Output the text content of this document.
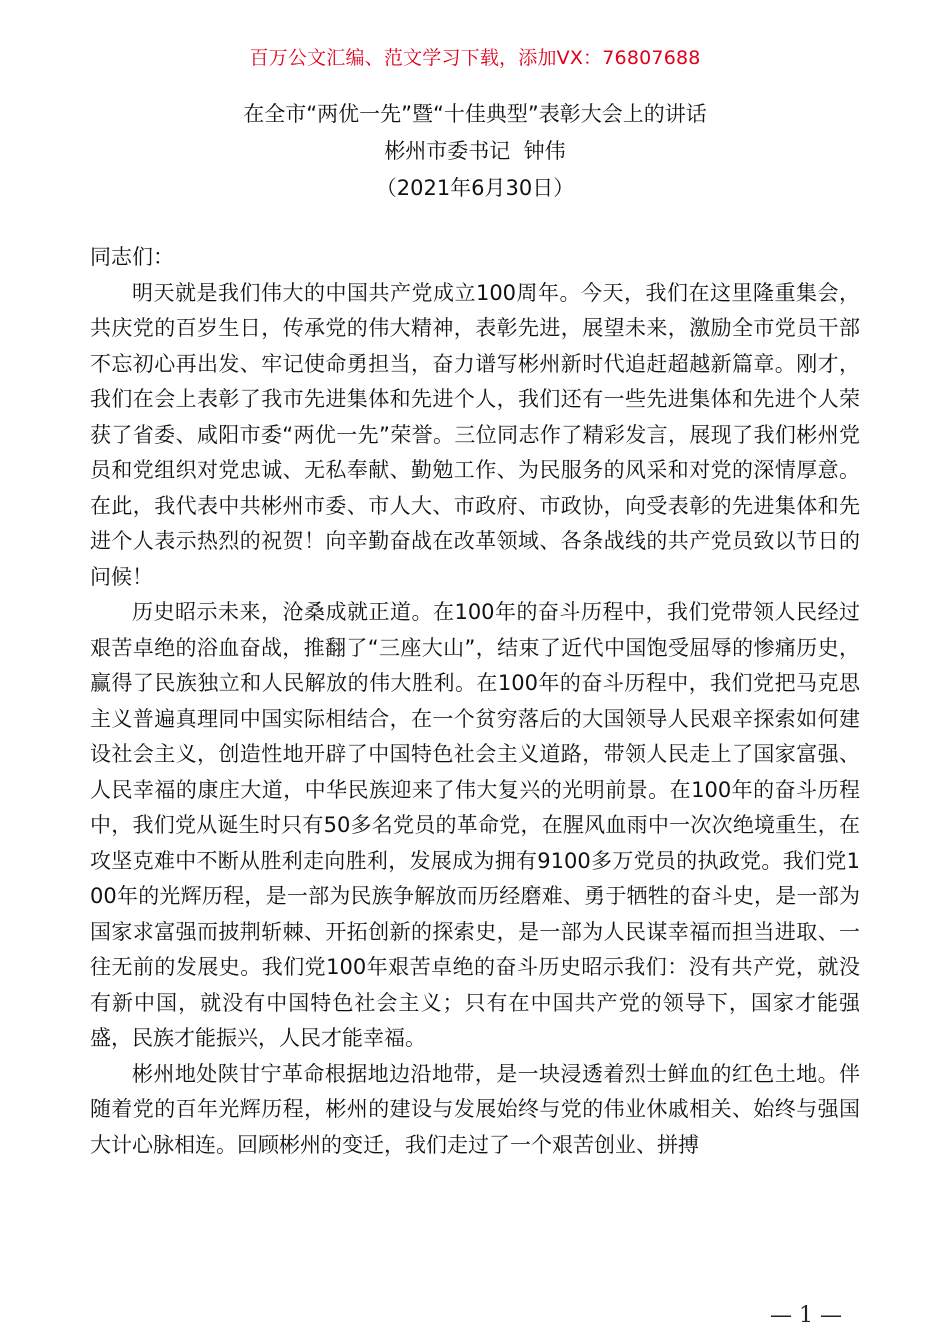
百万公文汇编、范文学习下载，添加VX：76807688
在全市“两优一先”暨“十佳典型”表彰大会上的讲话
彬州市委书记  钟伟
（2021年6月30日）

同志们：

明天就是我们伟大的中国共产党成立100周年。今天，我们在这里隆重集会，共庆党的百岁生日，传承党的伟大精神，表彰先进，展望未来，激励全市党员干部不忘初心再出发、牢记使命勇担当，奋力谱写彬州新时代追赶超越新篇章。刚才，我们在会上表彰了我市先进集体和先进个人，我们还有一些先进集体和先进个人荣获了省委、咸阳市委“两优一先”荣誉。三位同志作了精彩发言，展现了我们彬州党员和党组织对党忠诚、无私奉献、勤勉工作、为民服务的风采和对党的深情厚意。在此，我代表中共彬州市委、市人大、市政府、市政协，向受表彰的先进集体和先进个人表示热烈的祝贺！向辛勤奋战在改革领域、各条战线的共产党员致以节日的问候！

历史昭示未来，沧桑成就正道。在100年的奋斗历程中，我们党带领人民经过艰苦卓绝的浴血奋战，推翻了“三座大山”，结束了近代中国饱受屈辱的惨痛历史，赢得了民族独立和人民解放的伟大胜利。在100年的奋斗历程中，我们党把马克思主义普遍真理同中国实际相结合，在一个贫穷落后的大国领导人民艰辛探索如何建设社会主义，创造性地开辟了中国特色社会主义道路，带领人民走上了国家富强、人民幸福的康庄大道，中华民族迎来了伟大复兴的光明前景。在100年的奋斗历程中，我们党从诞生时只有50多名党员的革命党，在腥风血雨中一次次绝境重生，在攻坚克难中不断从胜利走向胜利，发展成为拥有9100多万党员的执政党。我们党100年的光辉历程，是一部为民族争解放而历经磨难、勇于牺牲的奋斗史，是一部为国家求富强而披荆斩棘、开拓创新的探索史，是一部为人民谋幸福而担当进取、一往无前的发展史。我们党100年艰苦卓绝的奋斗历史昭示我们：没有共产党，就没有新中国，就没有中国特色社会主义；只有在中国共产党的领导下，国家才能强盛，民族才能振兴，人民才能幸福。

彬州地处陕甘宁革命根据地边沿地带，是一块浸透着烈士鲜血的红色土地。伴随着党的百年光辉历程，彬州的建设与发展始终与党的伟业休戚相关、始终与强国大计心脉相连。回顾彬州的变迁，我们走过了一个艰苦创业、拼搏

— 1 —
